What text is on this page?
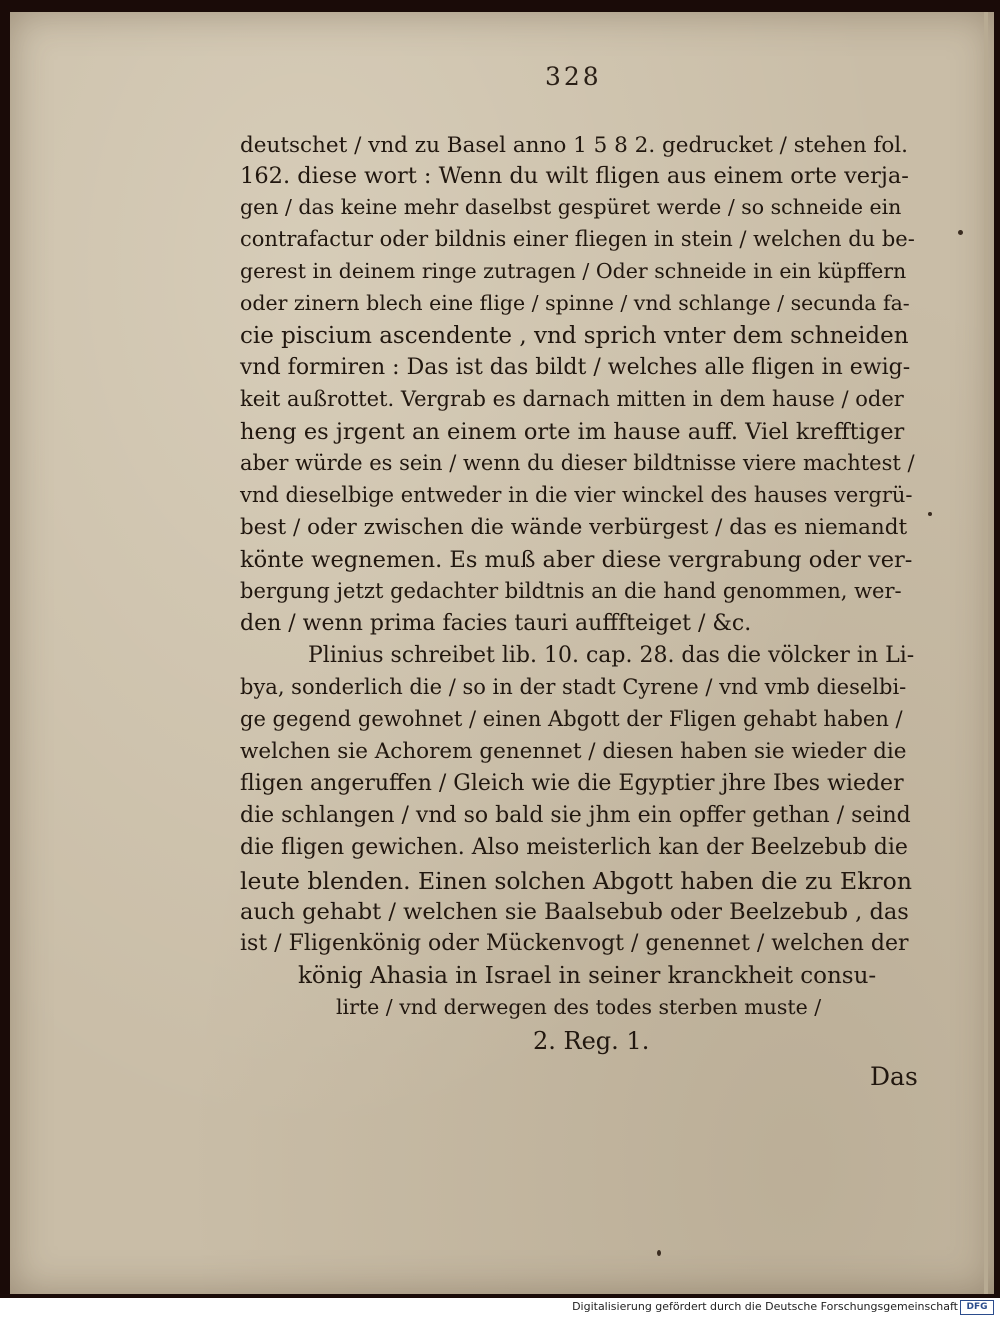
328
deutschet / vnd zu Basel anno 1 5 8 2. gedrucket / stehen fol.
162. diese wort : Wenn du wilt fligen aus einem orte verja-
gen / das keine mehr daselbst gespüret werde / so schneide ein
contrafactur oder bildnis einer fliegen in stein / welchen du be-
gerest in deinem ringe zutragen / Oder schneide in ein küpffern
oder zinern blech eine flige / spinne / vnd schlange / secunda fa-
cie piscium ascendente , vnd sprich vnter dem schneiden
vnd formiren : Das ist das bildt / welches alle fligen in ewig-
keit außrottet. Vergrab es darnach mitten in dem hause / oder
heng es jrgent an einem orte im hause auff. Viel krefftiger
aber würde es sein / wenn du dieser bildtnisse viere machtest /
vnd dieselbige entweder in die vier winckel des hauses vergrü-
best / oder zwischen die wände verbürgest / das es niemandt
könte wegnemen. Es muß aber diese vergrabung oder ver-
bergung jetzt gedachter bildtnis an die hand genommen, wer-
den / wenn prima facies tauri aufffteiget / &c.
Plinius schreibet lib. 10. cap. 28. das die völcker in Li-
bya, sonderlich die / so in der stadt Cyrene / vnd vmb dieselbi-
ge gegend gewohnet / einen Abgott der Fligen gehabt haben /
welchen sie Achorem genennet / diesen haben sie wieder die
fligen angeruffen / Gleich wie die Egyptier jhre Ibes wieder
die schlangen / vnd so bald sie jhm ein opffer gethan / seind
die fligen gewichen. Also meisterlich kan der Beelzebub die
leute blenden. Einen solchen Abgott haben die zu Ekron
auch gehabt / welchen sie Baalsebub oder Beelzebub , das
ist / Fligenkönig oder Mückenvogt / genennet / welchen der
könig Ahasia in Israel in seiner kranckheit consu-
lirte / vnd derwegen des todes sterben muste /
2. Reg. 1.
Das
Digitalisierung gefördert durch die Deutsche Forschungsgemeinschaft DFG
